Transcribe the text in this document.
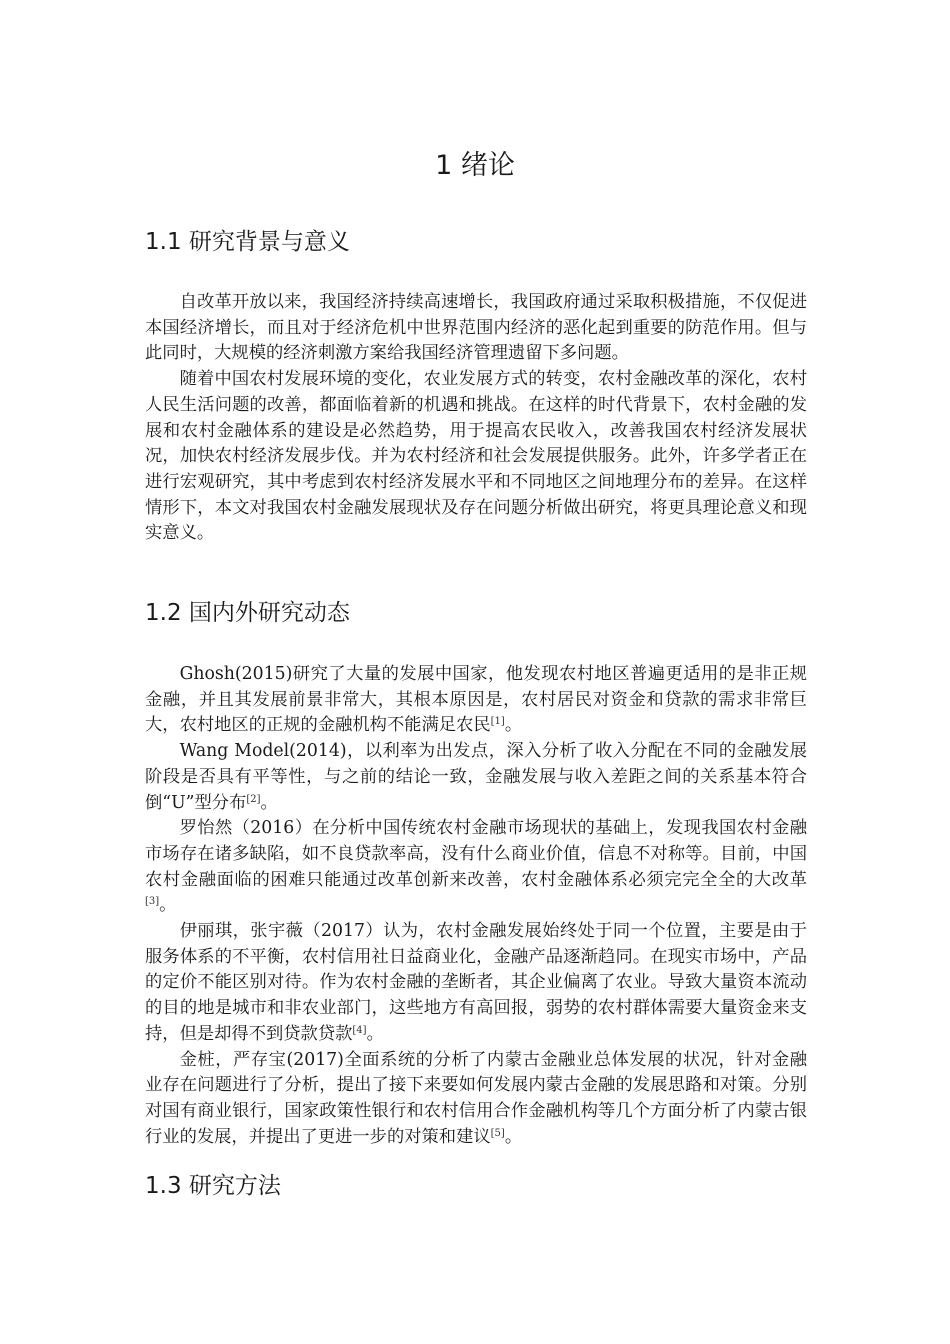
1 绪论
1.1 研究背景与意义

自改革开放以来，我国经济持续高速增长，我国政府通过采取积极措施，不仅促进本国经济增长，而且对于经济危机中世界范围内经济的恶化起到重要的防范作用。但与此同时，大规模的经济刺激方案给我国经济管理遗留下多问题。

随着中国农村发展环境的变化，农业发展方式的转变，农村金融改革的深化，农村人民生活问题的改善，都面临着新的机遇和挑战。在这样的时代背景下，农村金融的发展和农村金融体系的建设是必然趋势，用于提高农民收入，改善我国农村经济发展状况，加快农村经济发展步伐。并为农村经济和社会发展提供服务。此外，许多学者正在进行宏观研究，其中考虑到农村经济发展水平和不同地区之间地理分布的差异。在这样情形下，本文对我国农村金融发展现状及存在问题分析做出研究，将更具理论意义和现实意义。

1.2 国内外研究动态

Ghosh(2015)研究了大量的发展中国家，他发现农村地区普遍更适用的是非正规金融，并且其发展前景非常大，其根本原因是，农村居民对资金和贷款的需求非常巨大，农村地区的正规的金融机构不能满足农民[1]。

Wang Model(2014)，以利率为出发点，深入分析了收入分配在不同的金融发展阶段是否具有平等性，与之前的结论一致，金融发展与收入差距之间的关系基本符合倒“U”型分布[2]。

罗怡然（2016）在分析中国传统农村金融市场现状的基础上，发现我国农村金融市场存在诸多缺陷，如不良贷款率高，没有什么商业价值，信息不对称等。目前，中国农村金融面临的困难只能通过改革创新来改善，农村金融体系必须完完全全的大改革[3]。

伊丽琪，张宇薇（2017）认为，农村金融发展始终处于同一个位置，主要是由于服务体系的不平衡，农村信用社日益商业化，金融产品逐渐趋同。在现实市场中，产品的定价不能区别对待。作为农村金融的垄断者，其企业偏离了农业。导致大量资本流动的目的地是城市和非农业部门，这些地方有高回报，弱势的农村群体需要大量资金来支持，但是却得不到贷款贷款[4]。

金桩，严存宝(2017)全面系统的分析了内蒙古金融业总体发展的状况，针对金融业存在问题进行了分析，提出了接下来要如何发展内蒙古金融的发展思路和对策。分别对国有商业银行，国家政策性银行和农村信用合作金融机构等几个方面分析了内蒙古银行业的发展，并提出了更进一步的对策和建议[5]。

1.3 研究方法
